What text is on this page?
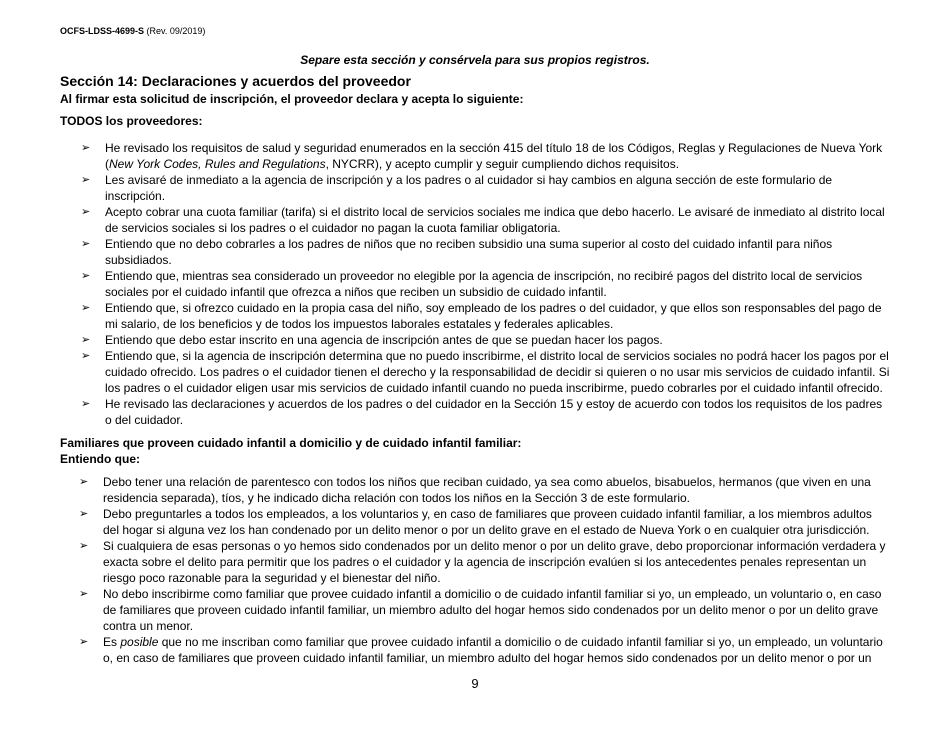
OCFS-LDSS-4699-S (Rev. 09/2019)
Separe esta sección y consérvela para sus propios registros.
Sección 14: Declaraciones y acuerdos del proveedor
Al firmar esta solicitud de inscripción, el proveedor declara y acepta lo siguiente:
TODOS los proveedores:
➢ He revisado los requisitos de salud y seguridad enumerados en la sección 415 del título 18 de los Códigos, Reglas y Regulaciones de Nueva York (New York Codes, Rules and Regulations, NYCRR), y acepto cumplir y seguir cumpliendo dichos requisitos.
➢ Les avisaré de inmediato a la agencia de inscripción y a los padres o al cuidador si hay cambios en alguna sección de este formulario de inscripción.
➢ Acepto cobrar una cuota familiar (tarifa) si el distrito local de servicios sociales me indica que debo hacerlo. Le avisaré de inmediato al distrito local de servicios sociales si los padres o el cuidador no pagan la cuota familiar obligatoria.
➢ Entiendo que no debo cobrarles a los padres de niños que no reciben subsidio una suma superior al costo del cuidado infantil para niños subsidiados.
➢ Entiendo que, mientras sea considerado un proveedor no elegible por la agencia de inscripción, no recibiré pagos del distrito local de servicios sociales por el cuidado infantil que ofrezca a niños que reciben un subsidio de cuidado infantil.
➢ Entiendo que, si ofrezco cuidado en la propia casa del niño, soy empleado de los padres o del cuidador, y que ellos son responsables del pago de mi salario, de los beneficios y de todos los impuestos laborales estatales y federales aplicables.
➢ Entiendo que debo estar inscrito en una agencia de inscripción antes de que se puedan hacer los pagos.
➢ Entiendo que, si la agencia de inscripción determina que no puedo inscribirme, el distrito local de servicios sociales no podrá hacer los pagos por el cuidado ofrecido. Los padres o el cuidador tienen el derecho y la responsabilidad de decidir si quieren o no usar mis servicios de cuidado infantil. Si los padres o el cuidador eligen usar mis servicios de cuidado infantil cuando no pueda inscribirme, puedo cobrarles por el cuidado infantil ofrecido.
➢ He revisado las declaraciones y acuerdos de los padres o del cuidador en la Sección 15 y estoy de acuerdo con todos los requisitos de los padres o del cuidador.
Familiares que proveen cuidado infantil a domicilio y de cuidado infantil familiar:
Entiendo que:
➢ Debo tener una relación de parentesco con todos los niños que reciban cuidado, ya sea como abuelos, bisabuelos, hermanos (que viven en una residencia separada), tíos, y he indicado dicha relación con todos los niños en la Sección 3 de este formulario.
➢ Debo preguntarles a todos los empleados, a los voluntarios y, en caso de familiares que proveen cuidado infantil familiar, a los miembros adultos del hogar si alguna vez los han condenado por un delito menor o por un delito grave en el estado de Nueva York o en cualquier otra jurisdicción.
➢ Si cualquiera de esas personas o yo hemos sido condenados por un delito menor o por un delito grave, debo proporcionar información verdadera y exacta sobre el delito para permitir que los padres o el cuidador y la agencia de inscripción evalúen si los antecedentes penales representan un riesgo poco razonable para la seguridad y el bienestar del niño.
➢ No debo inscribirme como familiar que provee cuidado infantil a domicilio o de cuidado infantil familiar si yo, un empleado, un voluntario o, en caso de familiares que proveen cuidado infantil familiar, un miembro adulto del hogar hemos sido condenados por un delito menor o por un delito grave contra un menor.
➢ Es posible que no me inscriban como familiar que provee cuidado infantil a domicilio o de cuidado infantil familiar si yo, un empleado, un voluntario o, en caso de familiares que proveen cuidado infantil familiar, un miembro adulto del hogar hemos sido condenados por un delito menor o por un
9
